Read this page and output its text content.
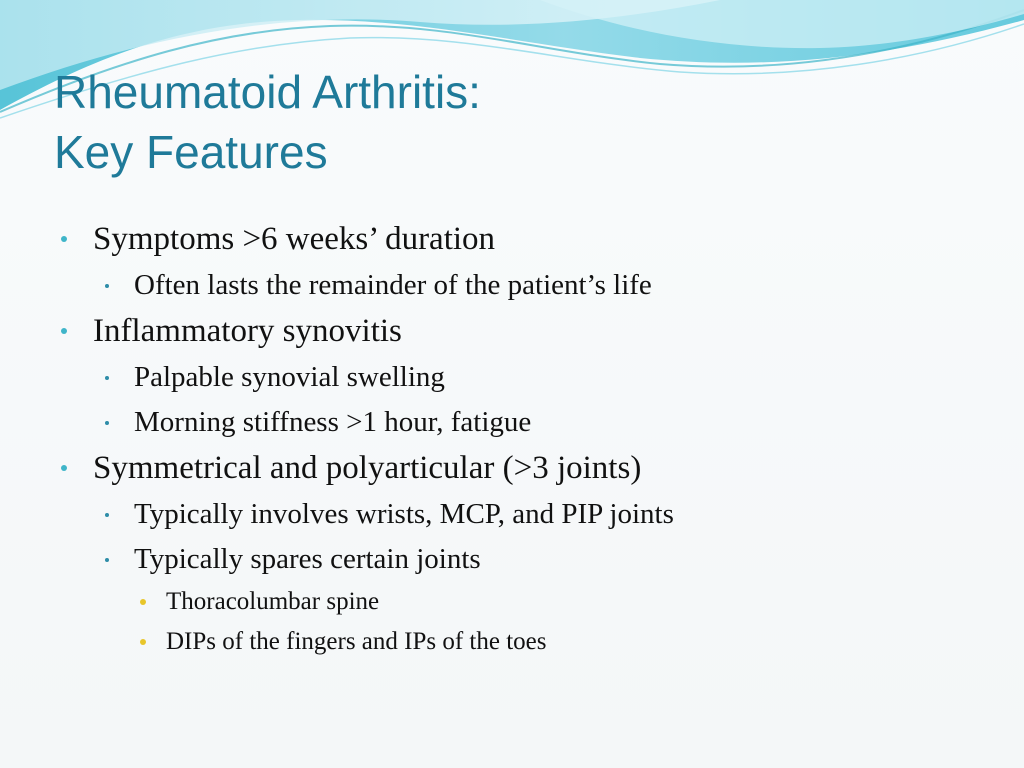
Rheumatoid Arthritis:
Key Features
Symptoms >6 weeks’ duration
Often lasts the remainder of the patient’s life
Inflammatory synovitis
Palpable synovial swelling
Morning stiffness >1 hour, fatigue
Symmetrical and polyarticular (>3 joints)
Typically involves wrists, MCP, and PIP joints
Typically spares certain joints
Thoracolumbar spine
DIPs of the fingers and IPs of the toes
